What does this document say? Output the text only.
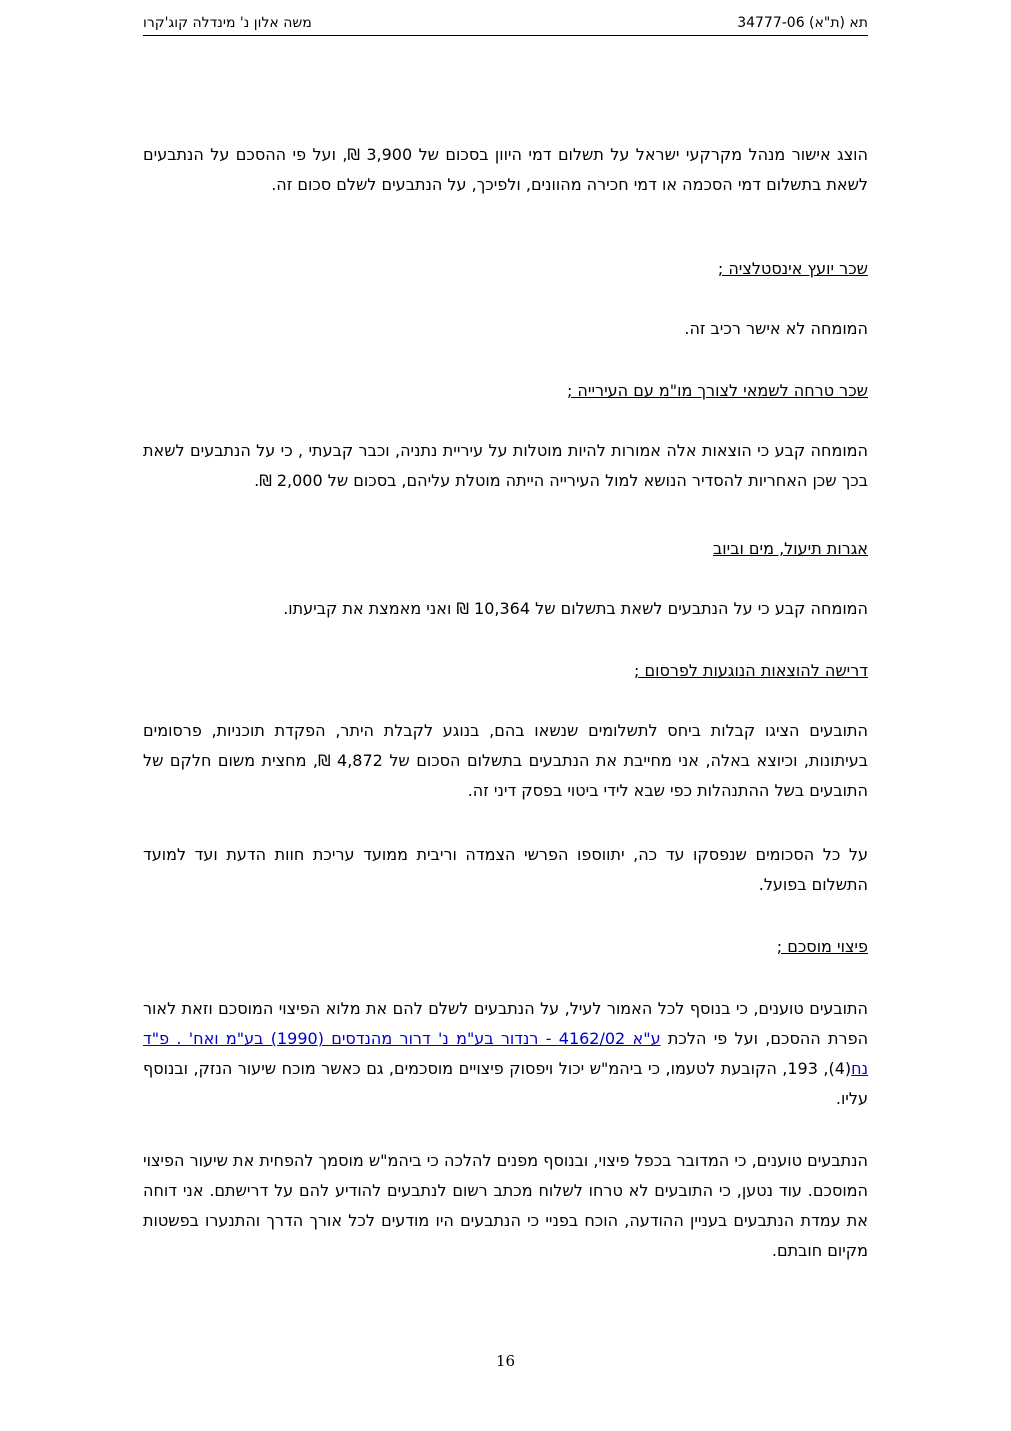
משה אלון נ' מינדלה קוג'קרו	תא (ת"א) 34777-06

הוצג אישור מנהל מקרקעי ישראל על תשלום דמי היוון בסכום של 3,900 ₪, ועל פי ההסכם על הנתבעים לשאת בתשלום דמי הסכמה או דמי חכירה מהוונים, ולפיכך, על הנתבעים לשלם סכום זה.

שכר יועץ אינסטלציה ;

המומחה לא אישר רכיב זה.

שכר טרחה לשמאי לצורך מו"מ עם העירייה ;

המומחה קבע כי הוצאות אלה אמורות להיות מוטלות על עיריית נתניה, וכבר קבעתי , כי על הנתבעים לשאת בכך שכן האחריות להסדיר הנושא למול העירייה הייתה מוטלת עליהם, בסכום של 2,000 ₪.

אגרות תיעול, מים וביוב

המומחה קבע כי על הנתבעים לשאת בתשלום של 10,364 ₪ ואני מאמצת את קביעתו.

דרישה להוצאות הנוגעות לפרסום ;

התובעים הציגו קבלות ביחס לתשלומים שנשאו בהם, בנוגע לקבלת היתר, הפקדת תוכניות, פרסומים בעיתונות, וכיוצא באלה, אני מחייבת את הנתבעים בתשלום הסכום של 4,872 ₪, מחצית משום חלקם של התובעים בשל ההתנהלות כפי שבא לידי ביטוי בפסק דיני זה.

על כל הסכומים שנפסקו עד כה, יתווספו הפרשי הצמדה וריבית ממועד עריכת חוות הדעת ועד למועד התשלום בפועל.

פיצוי מוסכם ;

התובעים טוענים, כי בנוסף לכל האמור לעיל, על הנתבעים לשלם להם את מלוא הפיצוי המוסכם וזאת לאור הפרת ההסכם, ועל פי הלכת ע"א 4162/02 - רנדור בע"מ נ' דרור מהנדסים (1990) בע"מ ואח' . פ"ד נח(4), 193, הקובעת לטעמו, כי ביהמ"ש יכול ויפסוק פיצויים מוסכמים, גם כאשר מוכח שיעור הנזק, ובנוסף עליו.

הנתבעים טוענים, כי המדובר בכפל פיצוי, ובנוסף מפנים להלכה כי ביהמ"ש מוסמך להפחית את שיעור הפיצוי המוסכם. עוד נטען, כי התובעים לא טרחו לשלוח מכתב רשום לנתבעים להודיע להם על דרישתם. אני דוחה את עמדת הנתבעים בעניין ההודעה, הוכח בפניי כי הנתבעים היו מודעים לכל אורך הדרך והתנערו בפשטות מקיום חובתם.

16
